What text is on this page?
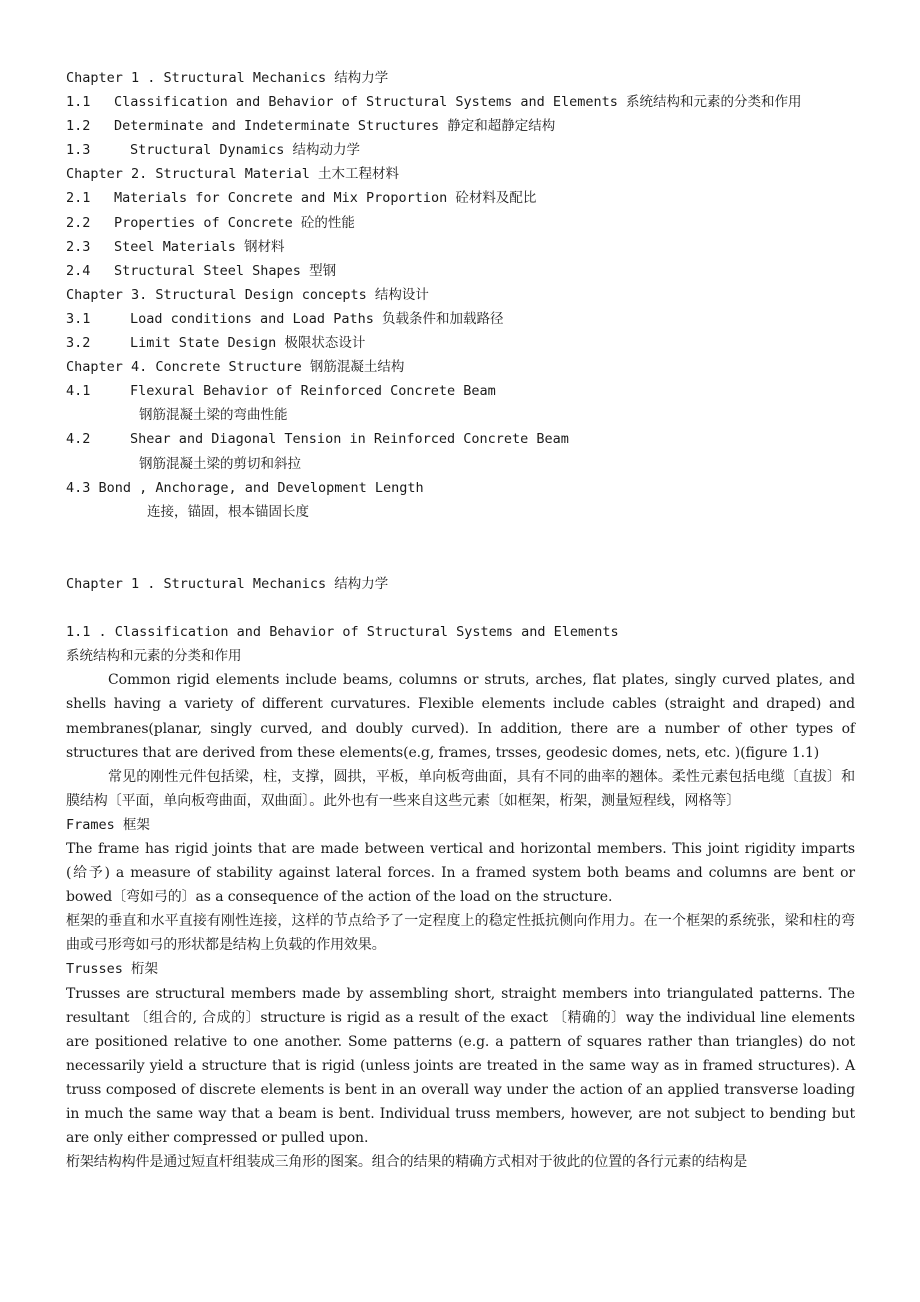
Chapter 1 . Structural Mechanics 结构力学
1.1 Classification and Behavior of Structural Systems and Elements 系统结构和元素的分类和作用
1.2 Determinate and Indeterminate Structures 静定和超静定结构
1.3	Structural Dynamics 结构动力学
Chapter 2. Structural Material 土木工程材料
2.1 Materials for Concrete and Mix Proportion 砼材料及配比
2.2 Properties of Concrete 砼的性能
2.3 Steel Materials 钢材料
2.4 Structural Steel Shapes 型钢
Chapter 3. Structural Design concepts 结构设计
3.1	Load conditions and Load Paths 负载条件和加载路径
3.2	Limit State Design 极限状态设计
Chapter 4. Concrete Structure 钢筋混凝土结构
4.1	Flexural Behavior of Reinforced Concrete Beam
钢筋混凝土梁的弯曲性能
4.2	Shear and Diagonal Tension in Reinforced Concrete Beam
钢筋混凝土梁的剪切和斜拉
4.3 Bond , Anchorage, and Development Length
连接，锚固，根本锚固长度
Chapter 1 . Structural Mechanics 结构力学
1.1 . Classification and Behavior of Structural Systems and Elements
系统结构和元素的分类和作用
Common rigid elements include beams, columns or struts, arches, flat plates, singly curved plates, and shells having a variety of different curvatures. Flexible elements include cables (straight and draped) and membranes(planar, singly curved, and doubly curved). In addition, there are a number of other types of structures that are derived from these elements(e.g, frames, trsses, geodesic domes, nets, etc. )(figure 1.1)
常见的刚性元件包括梁，柱，支撑，圆拱，平板，单向板弯曲面，具有不同的曲率的翘体。柔性元素包括电缆〔直拔〕和膜结构〔平面，单向板弯曲面，双曲面〕。此外也有一些来自这些元素〔如框架，桁架，测量短程线，网格等〕
Frames 框架
The frame has rigid joints that are made between vertical and horizontal members. This joint rigidity imparts (给予) a measure of stability against lateral forces. In a framed system both beams and columns are bent or bowed〔弯如弓的〕as a consequence of the action of the load on the structure.
框架的垂直和水平直接有刚性连接，这样的节点给予了一定程度上的稳定性抵抗侧向作用力。在一个框架的系统张，梁和柱的弯曲或弓形弯如弓的形状都是结构上负载的作用效果。
Trusses 桁架
Trusses are structural members made by assembling short, straight members into triangulated patterns. The resultant 〔组合的, 合成的〕structure is rigid as a result of the exact 〔精确的〕way the individual line elements are positioned relative to one another. Some patterns (e.g. a pattern of squares rather than triangles) do not necessarily yield a structure that is rigid (unless joints are treated in the same way as in framed structures). A truss composed of discrete elements is bent in an overall way under the action of an applied transverse loading in much the same way that a beam is bent. Individual truss members, however, are not subject to bending but are only either compressed or pulled upon.
桁架结构构件是通过短直杆组装成三角形的图案。组合的结果的精确方式相对于彼此的位置的各行元素的结构是
